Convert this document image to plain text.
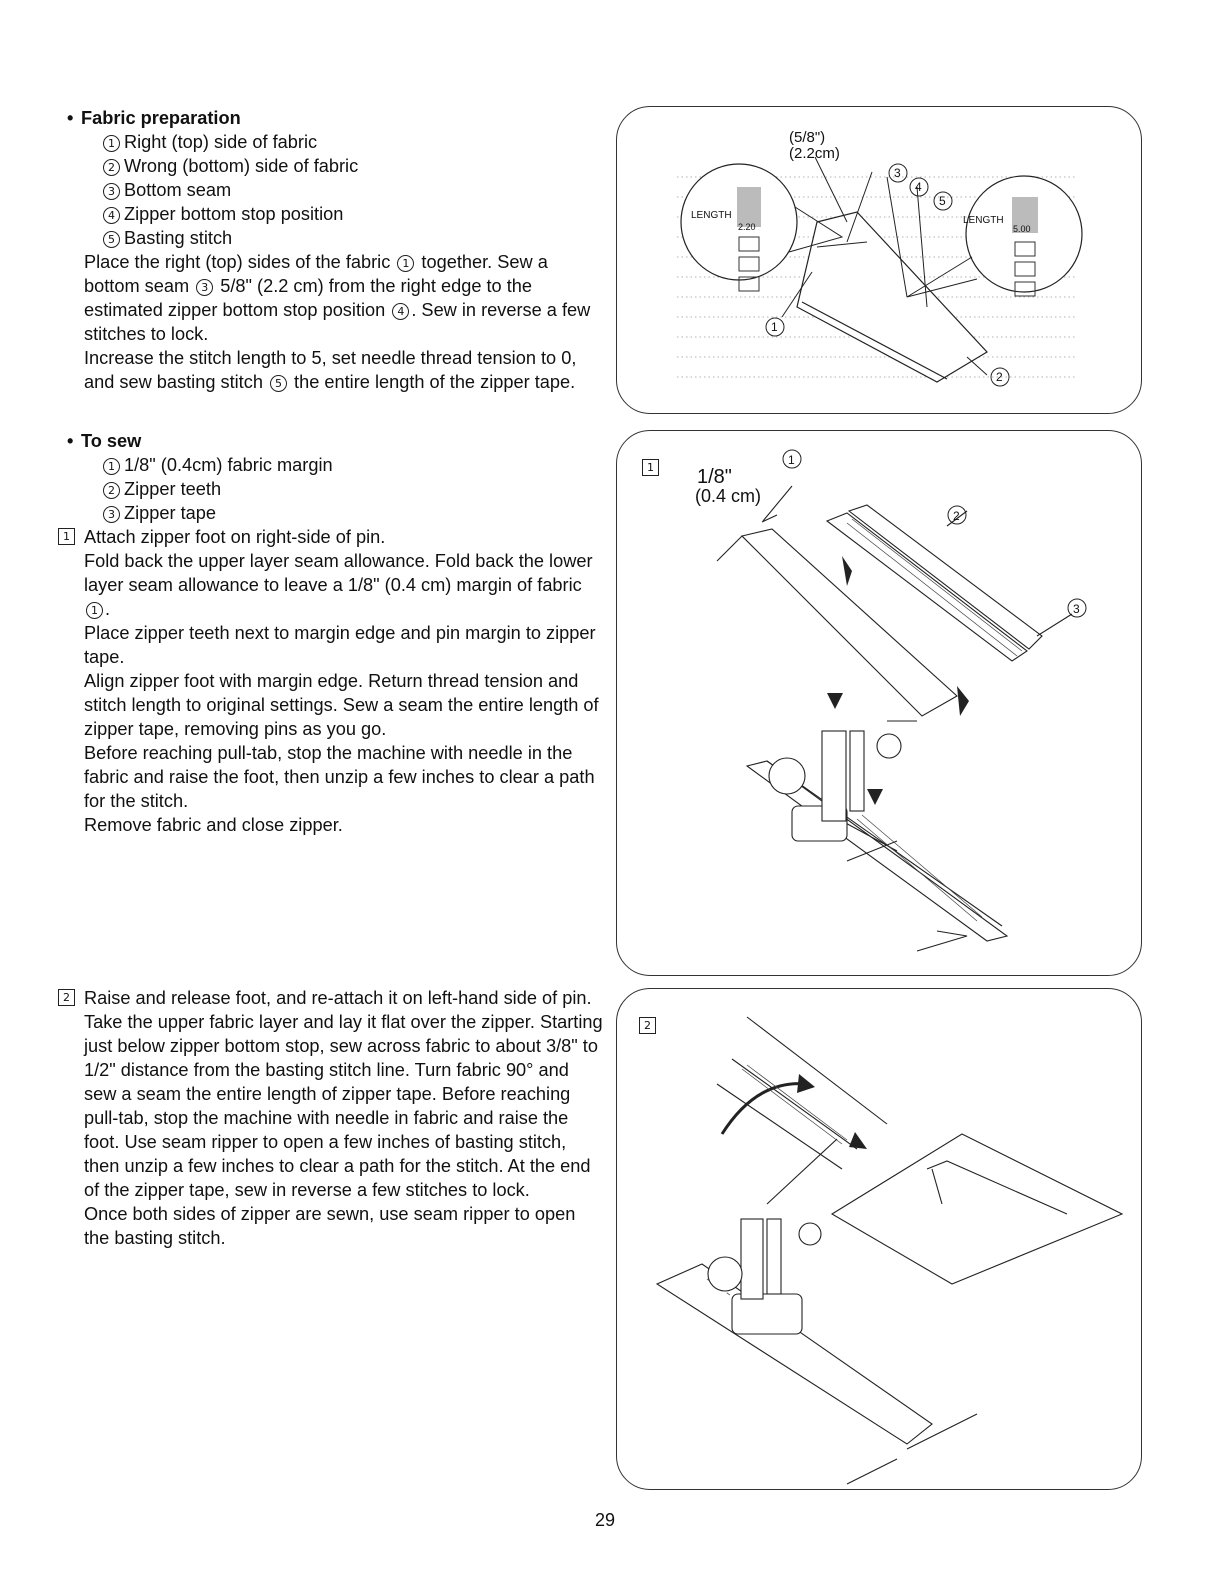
• Fabric preparation
1 Right (top) side of fabric
2 Wrong (bottom) side of fabric
3 Bottom seam
4 Zipper bottom stop position
5 Basting stitch

Place the right (top) sides of the fabric 1 together. Sew a bottom seam 3 5/8" (2.2 cm) from the right edge to the estimated zipper bottom stop position 4 . Sew in reverse a few stitches to lock.

Increase the stitch length to 5, set needle thread tension to 0, and sew basting stitch 5 the entire length of the zipper tape.

• To sew
1 1/8" (0.4cm) fabric margin
2 Zipper teeth
3 Zipper tape
1 Attach zipper foot on right-side of pin.

Fold back the upper layer seam allowance. Fold back the lower layer seam allowance to leave a 1/8" (0.4 cm) margin of fabric 1 .

Place zipper teeth next to margin edge and pin margin to zipper tape.

Align zipper foot with margin edge. Return thread tension and stitch length to original settings. Sew a seam the entire length of zipper tape, removing pins as you go.

Before reaching pull-tab, stop the machine with needle in the fabric and raise the foot, then unzip a few inches to clear a path for the stitch.

Remove fabric and close zipper.

2 Raise and release foot, and re-attach it on left-hand side of pin.

Take the upper fabric layer and lay it flat over the zipper. Starting just below zipper bottom stop, sew across fabric to about 3/8" to 1/2" distance from the basting stitch line. Turn fabric 90° and sew a seam the entire length of zipper tape. Before reaching pull-tab, stop the machine with needle in fabric and raise the foot. Use seam ripper to open a few inches of basting stitch, then unzip a few inches to clear a path for the stitch. At the end of the zipper tape, sew in reverse a few stitches to lock.

Once both sides of zipper are sewn, use seam ripper to open the basting stitch.

(5/8")
(2.2cm)
LENGTH	LENGTH
2.20	5.00
1
2
3
4
5
1 1/8"
(0.4 cm)
1
2
3
2
29
